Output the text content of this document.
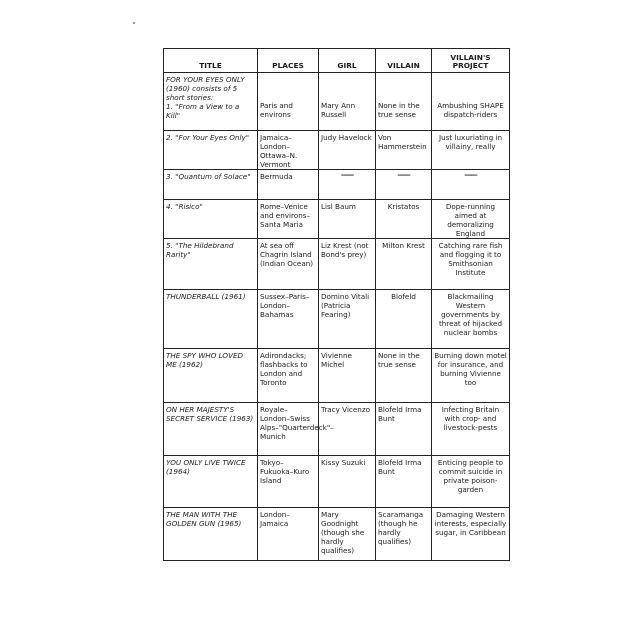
TITLE	PLACES	GIRL	VILLAIN	VILLAIN'S PROJECT

FOR YOUR EYES ONLY (1960) consists of 5 short stories:
1. "From a View to a Kill"	Paris and environs	Mary Ann Russell	None in the true sense	Ambushing SHAPE dispatch-riders

2. "For Your Eyes Only"	Jamaica–London–Ottawa–N. Vermont	Judy Havelock	Von Hammerstein	Just luxuriating in villainy, really

3. "Quantum of Solace"	Bermuda	——	——	——

4. "Risico"	Rome–Venice and environs–Santa Maria	Lisl Baum	Kristatos	Dope-running aimed at demoralizing England

5. "The Hildebrand Rarity"	At sea off Chagrin Island (Indian Ocean)	Liz Krest (not Bond's prey)	Milton Krest	Catching rare fish and flogging it to Smithsonian Institute

THUNDERBALL (1961)	Sussex–Paris–London–Bahamas	Domino Vitali (Patricia Fearing)	Blofeld	Blackmailing Western governments by threat of hijacked nuclear bombs

THE SPY WHO LOVED ME (1962)	Adirondacks; flashbacks to London and Toronto	Vivienne Michel	None in the true sense	Burning down motel for insurance, and burning Vivienne too

ON HER MAJESTY'S SECRET SERVICE (1963)	Royale–London–Swiss Alps–"Quarterdeck"–Munich	Tracy Vicenzo	Blofeld Irma Bunt	Infecting Britain with crop- and livestock-pests

YOU ONLY LIVE TWICE (1964)	Tokyo–Fukuoka–Kuro Island	Kissy Suzuki	Blofeld Irma Bunt	Enticing people to commit suicide in private poison-garden

THE MAN WITH THE GOLDEN GUN (1965)	London–Jamaica	Mary Goodnight (though she hardly qualifies)	Scaramanga (though he hardly qualifies)	Damaging Western interests, especially sugar, in Caribbean
